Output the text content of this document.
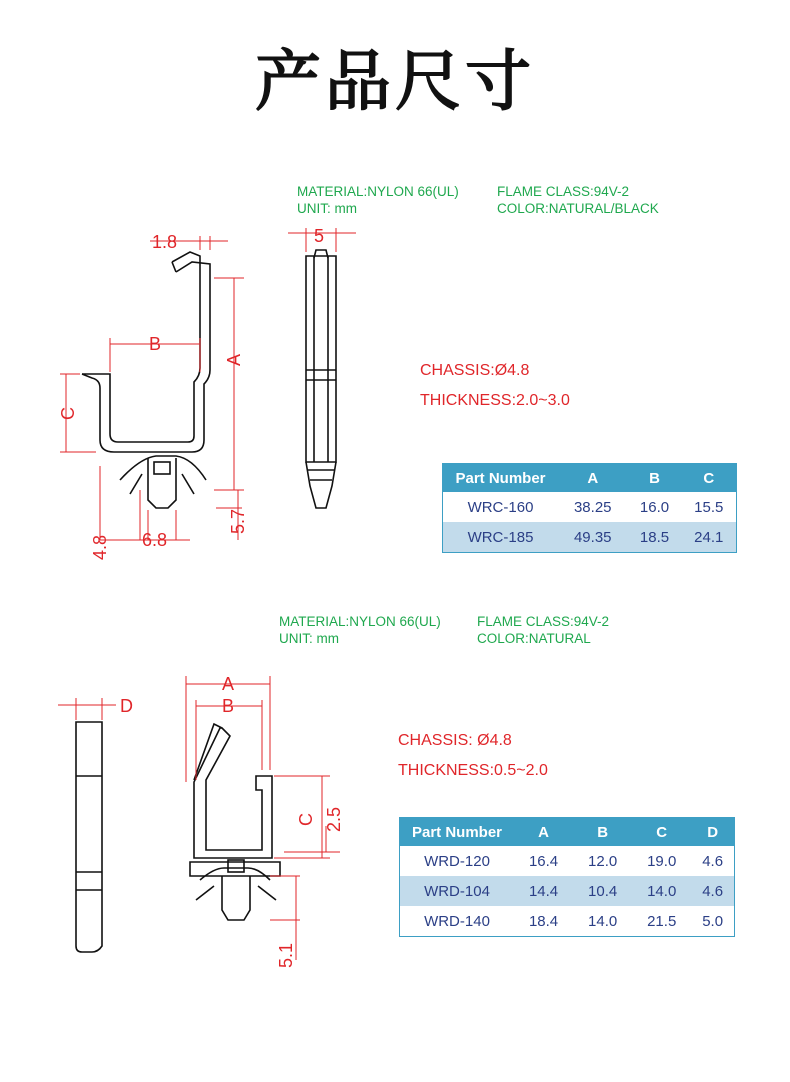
产品尺寸
MATERIAL:NYLON 66(UL)	FLAME CLASS:94V-2
UNIT: mm	COLOR:NATURAL/BLACK
CHASSIS:Ø4.8
THICKNESS:2.0~3.0
1.8	5
B
A
C
4.8 6.8
5.7
D
A
B
C 2.5
5.1
Part Number	A	B	C
WRC-160	38.25	16.0	15.5
WRC-185	49.35	18.5	24.1
MATERIAL:NYLON 66(UL)	FLAME CLASS:94V-2
UNIT: mm	COLOR:NATURAL
CHASSIS: Ø4.8
THICKNESS:0.5~2.0
Part Number	A	B	C	D
WRD-120	16.4	12.0	19.0	4.6
WRD-104	14.4	10.4	14.0	4.6
WRD-140	18.4	14.0	21.5	5.0
